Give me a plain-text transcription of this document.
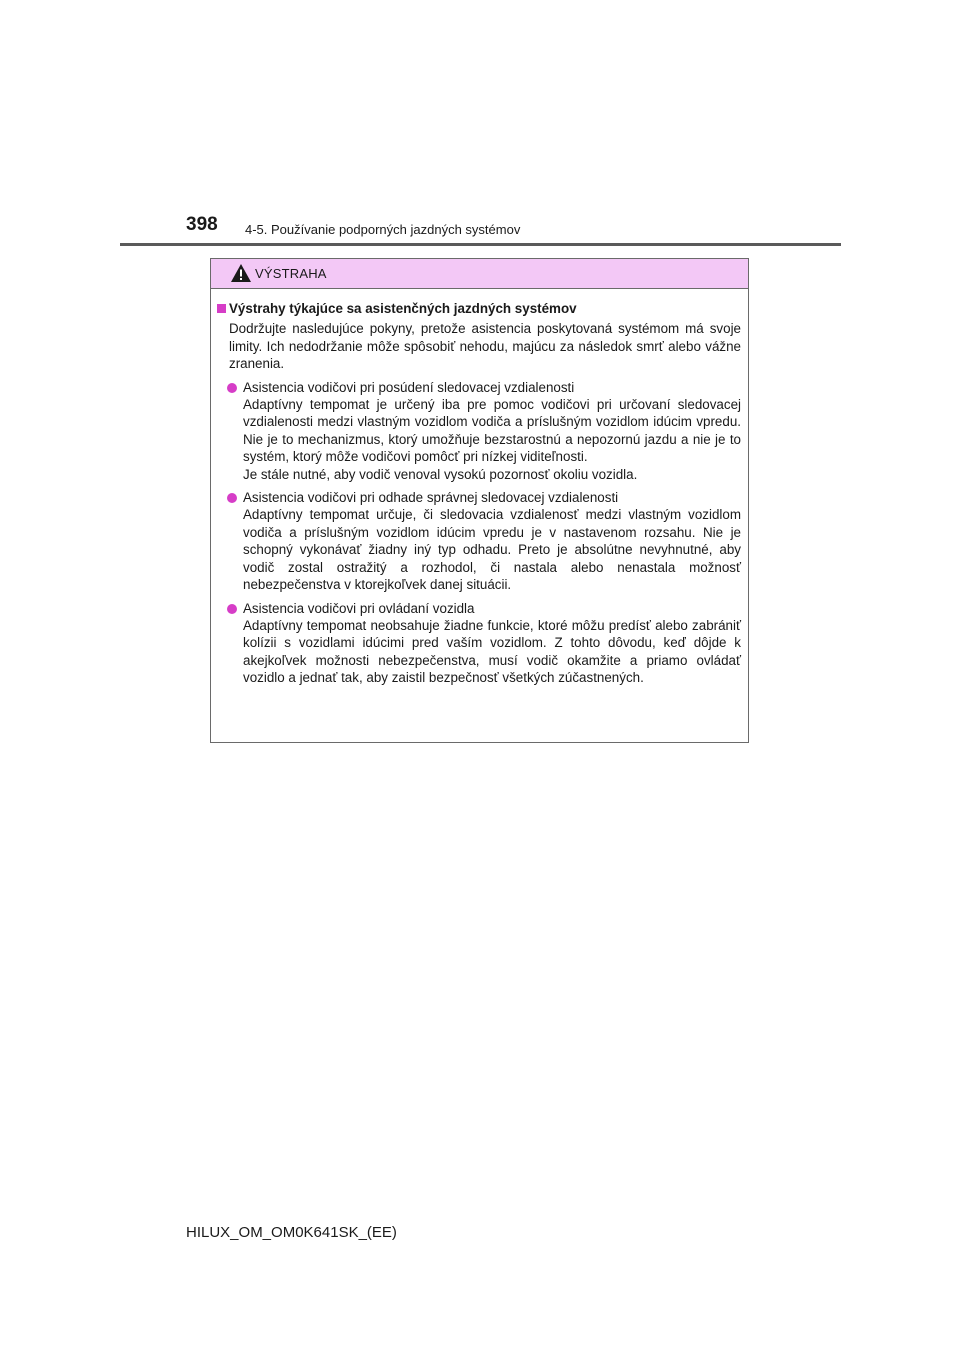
398 4-5. Používanie podporných jazdných systémov
VÝSTRAHA
Výstrahy týkajúce sa asistenčných jazdných systémov
Dodržujte nasledujúce pokyny, pretože asistencia poskytovaná systémom má svoje limity. Ich nedodržanie môže spôsobiť nehodu, majúcu za následok smrť alebo vážne zranenia.
Asistencia vodičovi pri posúdení sledovacej vzdialenosti
Adaptívny tempomat je určený iba pre pomoc vodičovi pri určovaní sledovacej vzdialenosti medzi vlastným vozidlom vodiča a príslušným vozidlom idúcim vpredu. Nie je to mechanizmus, ktorý umožňuje bezstarostnú a nepozornú jazdu a nie je to systém, ktorý môže vodičovi pomôcť pri nízkej viditeľnosti.
Je stále nutné, aby vodič venoval vysokú pozornosť okoliu vozidla.
Asistencia vodičovi pri odhade správnej sledovacej vzdialenosti
Adaptívny tempomat určuje, či sledovacia vzdialenosť medzi vlastným vozidlom vodiča a príslušným vozidlom idúcim vpredu je v nastavenom rozsahu. Nie je schopný vykonávať žiadny iný typ odhadu. Preto je absolútne nevyhnutné, aby vodič zostal ostražitý a rozhodol, či nastala alebo nenastala možnosť nebezpečenstva v ktorejkoľvek danej situácii.
Asistencia vodičovi pri ovládaní vozidla
Adaptívny tempomat neobsahuje žiadne funkcie, ktoré môžu predísť alebo zabrániť kolízii s vozidlami idúcimi pred vaším vozidlom. Z tohto dôvodu, keď dôjde k akejkoľvek možnosti nebezpečenstva, musí vodič okamžite a priamo ovládať vozidlo a jednať tak, aby zaistil bezpečnosť všetkých zúčastnených.
HILUX_OM_OM0K641SK_(EE)
